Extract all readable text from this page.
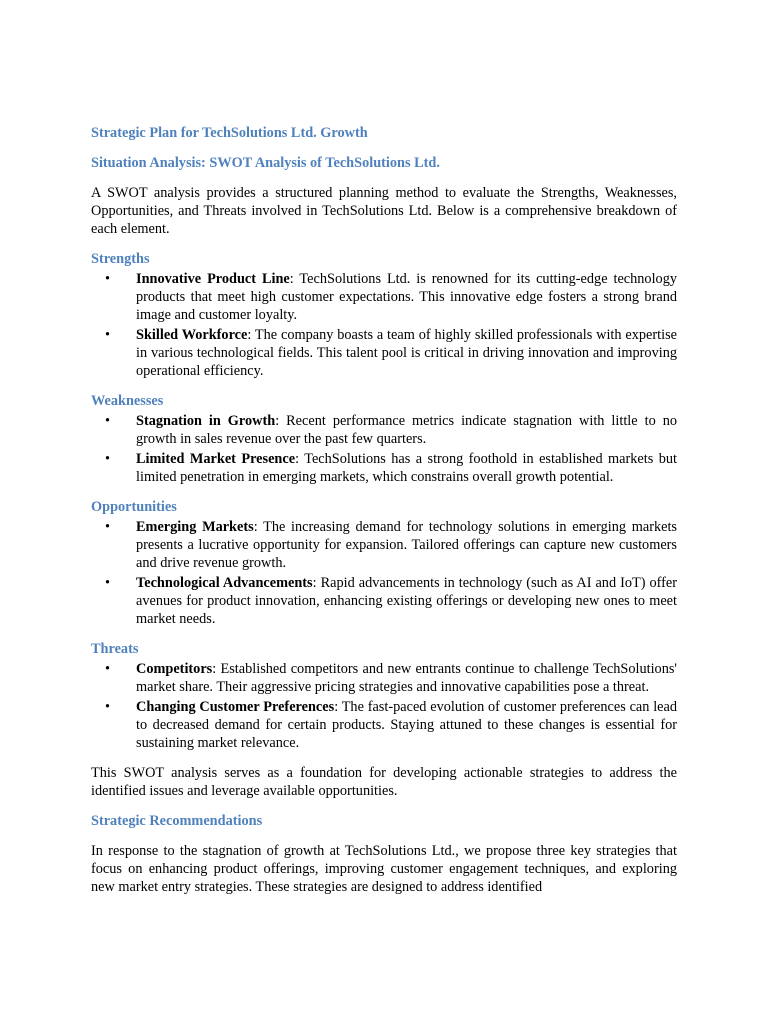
Strategic Plan for TechSolutions Ltd. Growth

Situation Analysis: SWOT Analysis of TechSolutions Ltd.

A SWOT analysis provides a structured planning method to evaluate the Strengths, Weaknesses, Opportunities, and Threats involved in TechSolutions Ltd. Below is a comprehensive breakdown of each element.

Strengths

• Innovative Product Line: TechSolutions Ltd. is renowned for its cutting-edge technology products that meet high customer expectations. This innovative edge fosters a strong brand image and customer loyalty.
• Skilled Workforce: The company boasts a team of highly skilled professionals with expertise in various technological fields. This talent pool is critical in driving innovation and improving operational efficiency.

Weaknesses

• Stagnation in Growth: Recent performance metrics indicate stagnation with little to no growth in sales revenue over the past few quarters.
• Limited Market Presence: TechSolutions has a strong foothold in established markets but limited penetration in emerging markets, which constrains overall growth potential.

Opportunities

• Emerging Markets: The increasing demand for technology solutions in emerging markets presents a lucrative opportunity for expansion. Tailored offerings can capture new customers and drive revenue growth.
• Technological Advancements: Rapid advancements in technology (such as AI and IoT) offer avenues for product innovation, enhancing existing offerings or developing new ones to meet market needs.

Threats

• Competitors: Established competitors and new entrants continue to challenge TechSolutions' market share. Their aggressive pricing strategies and innovative capabilities pose a threat.
• Changing Customer Preferences: The fast-paced evolution of customer preferences can lead to decreased demand for certain products. Staying attuned to these changes is essential for sustaining market relevance.

This SWOT analysis serves as a foundation for developing actionable strategies to address the identified issues and leverage available opportunities.

Strategic Recommendations

In response to the stagnation of growth at TechSolutions Ltd., we propose three key strategies that focus on enhancing product offerings, improving customer engagement techniques, and exploring new market entry strategies. These strategies are designed to address identified
